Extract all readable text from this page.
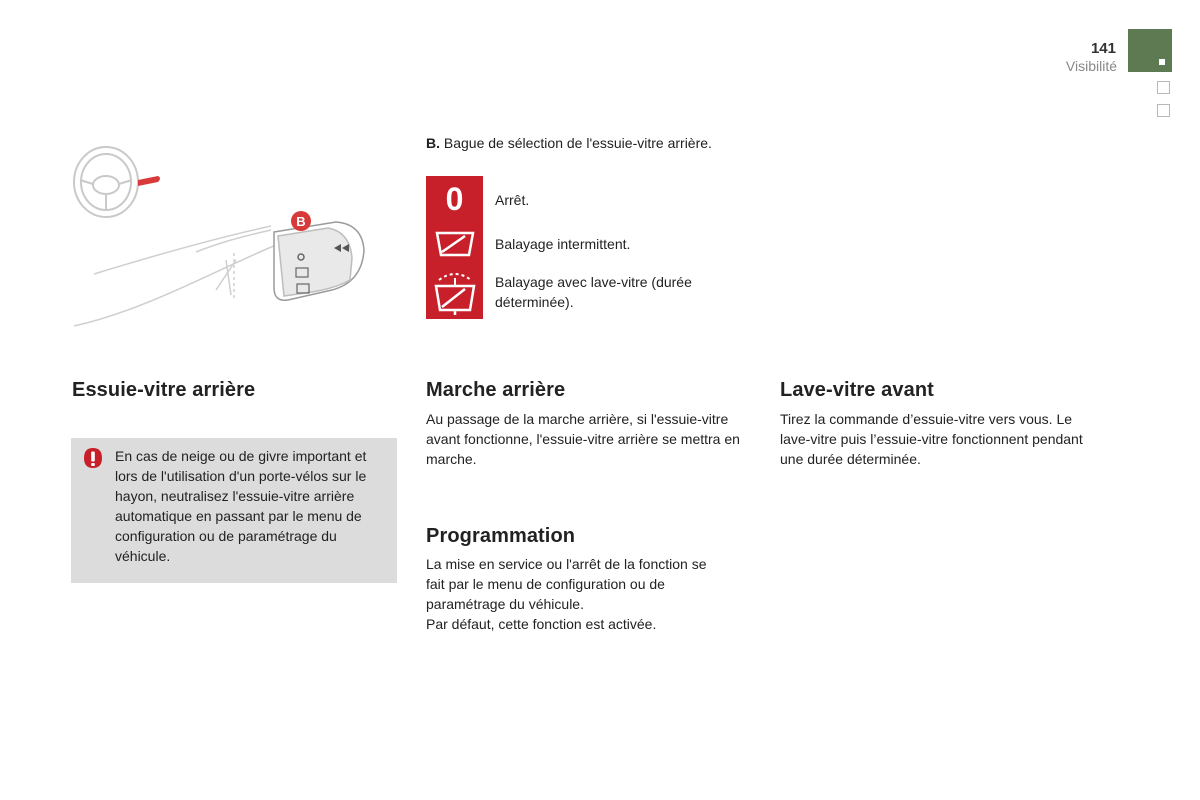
141
Visibilité
B
B. Bague de sélection de l'essuie-vitre arrière.
0 Arrêt.
Balayage intermittent.
Balayage avec lave-vitre (durée déterminée).
Essuie-vitre arrière
En cas de neige ou de givre important et lors de l'utilisation d'un porte-vélos sur le hayon, neutralisez l'essuie-vitre arrière automatique en passant par le menu de configuration ou de paramétrage du véhicule.
Marche arrière
Au passage de la marche arrière, si l'essuie-vitre avant fonctionne, l'essuie-vitre arrière se mettra en marche.
Programmation
La mise en service ou l'arrêt de la fonction se fait par le menu de configuration ou de paramétrage du véhicule.
Par défaut, cette fonction est activée.
Lave-vitre avant
Tirez la commande d’essuie-vitre vers vous. Le lave-vitre puis l’essuie-vitre fonctionnent pendant une durée déterminée.
